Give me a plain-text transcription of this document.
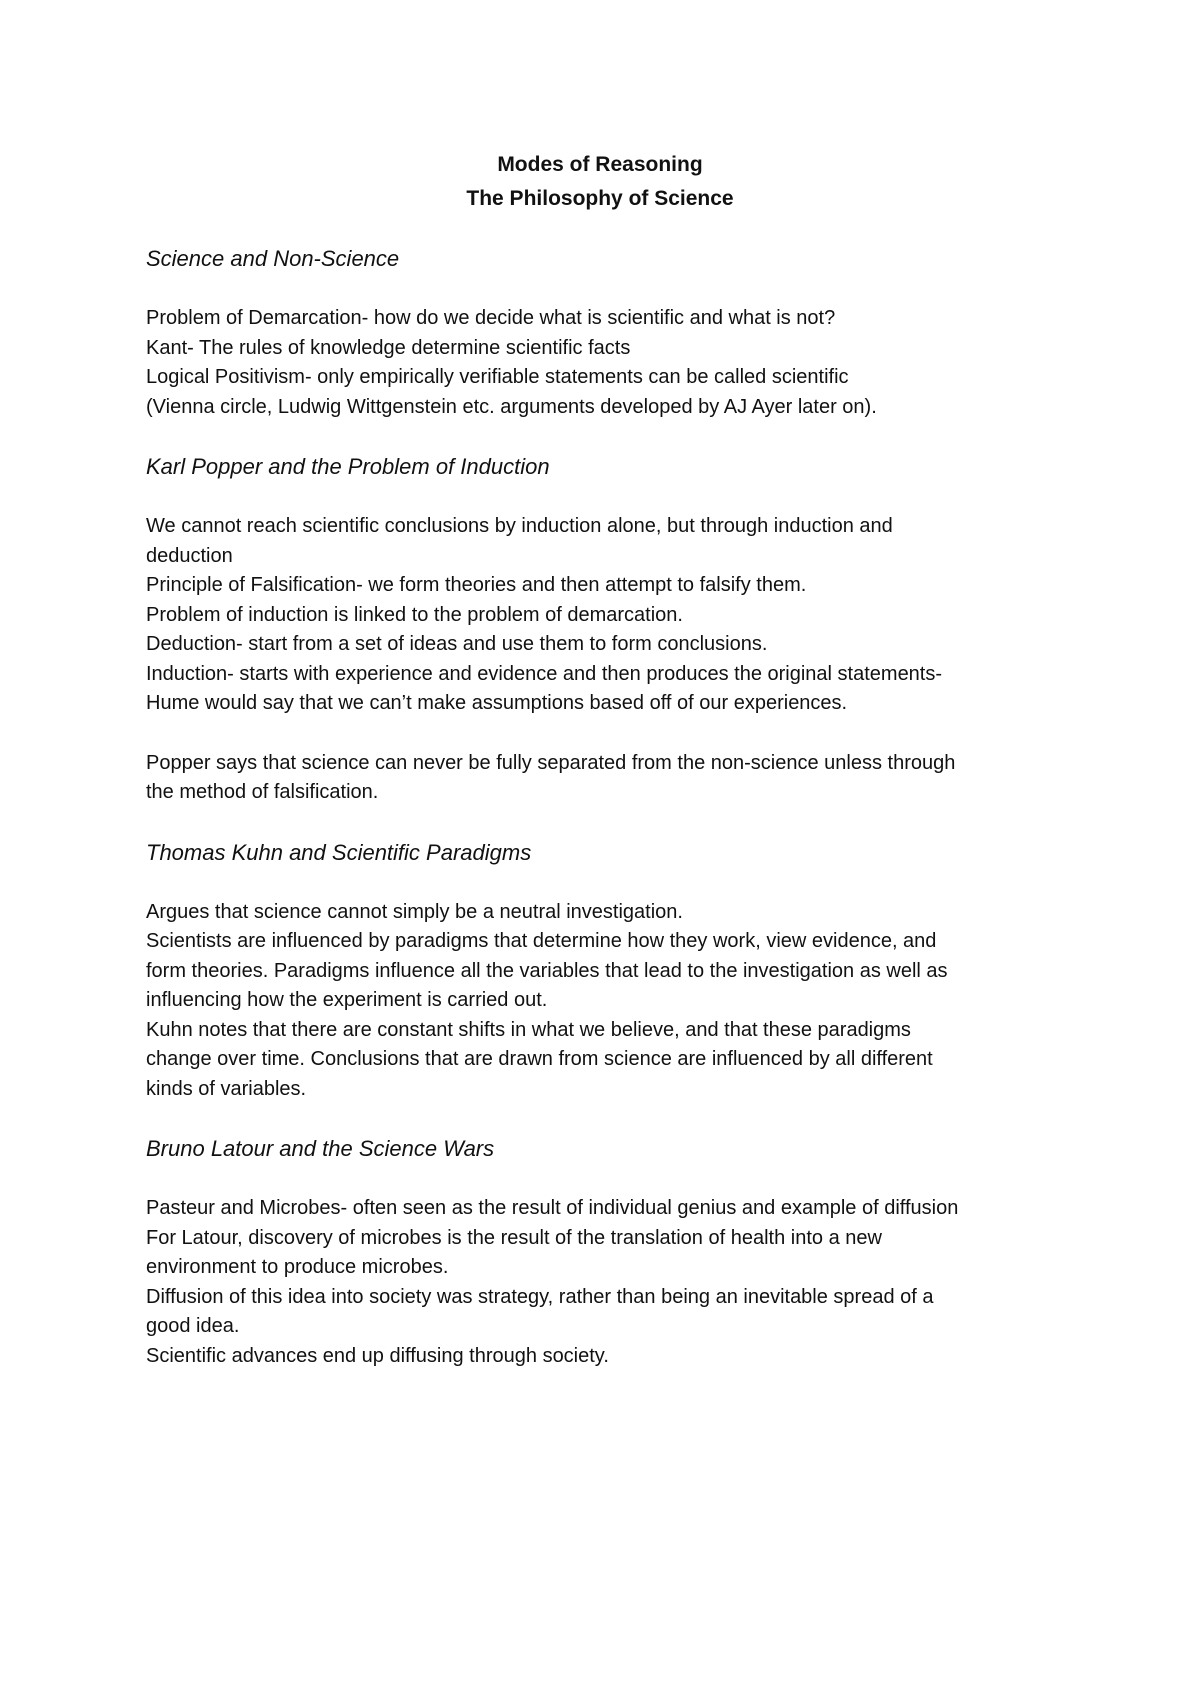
Modes of Reasoning
The Philosophy of Science
Science and Non-Science
Problem of Demarcation- how do we decide what is scientific and what is not?
Kant- The rules of knowledge determine scientific facts
Logical Positivism- only empirically verifiable statements can be called scientific
(Vienna circle, Ludwig Wittgenstein etc. arguments developed by AJ Ayer later on).
Karl Popper and the Problem of Induction
We cannot reach scientific conclusions by induction alone, but through induction and
deduction
Principle of Falsification- we form theories and then attempt to falsify them.
Problem of induction is linked to the problem of demarcation.
Deduction- start from a set of ideas and use them to form conclusions.
Induction- starts with experience and evidence and then produces the original statements-
Hume would say that we can’t make assumptions based off of our experiences.
Popper says that science can never be fully separated from the non-science unless through
the method of falsification.
Thomas Kuhn and Scientific Paradigms
Argues that science cannot simply be a neutral investigation.
Scientists are influenced by paradigms that determine how they work, view evidence, and
form theories. Paradigms influence all the variables that lead to the investigation as well as
influencing how the experiment is carried out.
Kuhn notes that there are constant shifts in what we believe, and that these paradigms
change over time. Conclusions that are drawn from science are influenced by all different
kinds of variables.
Bruno Latour and the Science Wars
Pasteur and Microbes- often seen as the result of individual genius and example of diffusion
For Latour, discovery of microbes is the result of the translation of health into a new
environment to produce microbes.
Diffusion of this idea into society was strategy, rather than being an inevitable spread of a
good idea.
Scientific advances end up diffusing through society.
